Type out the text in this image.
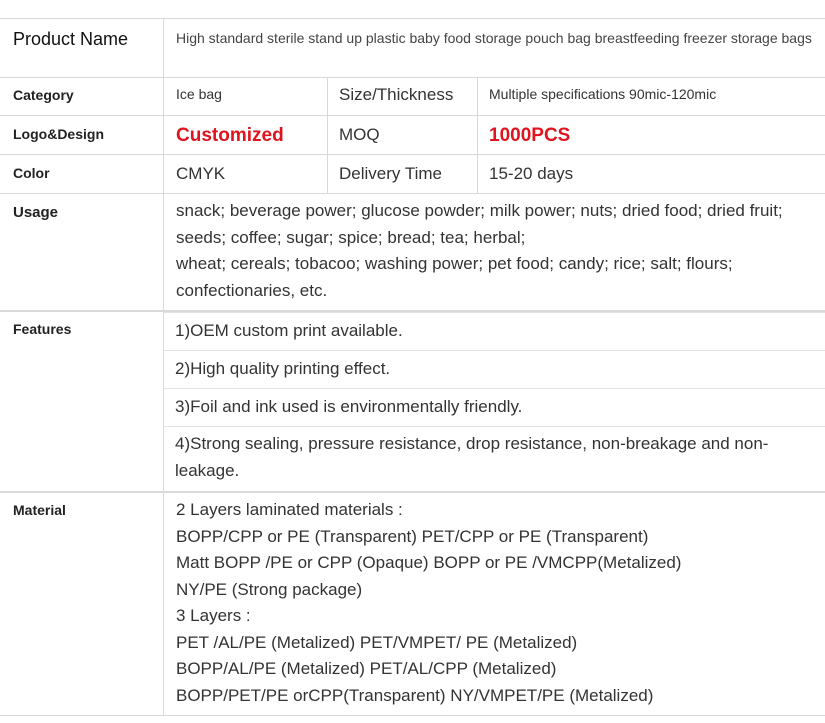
Product Name	High standard sterile stand up plastic baby food storage pouch bag breastfeeding freezer storage bags
Category	Ice bag	Size/Thickness	Multiple specifications 90mic-120mic
Logo&Design	Customized	MOQ	1000PCS
Color	CMYK	Delivery Time	15-20 days
Usage	snack; beverage power; glucose powder; milk power; nuts; dried food; dried fruit;
seeds; coffee; sugar; spice; bread; tea; herbal;
wheat; cereals; tobacoo; washing power; pet food; candy; rice; salt; flours;
confectionaries, etc.
Features	1)OEM custom print available.
2)High quality printing effect.
3)Foil and ink used is environmentally friendly.
4)Strong sealing, pressure resistance, drop resistance, non-breakage and non-leakage.
Material	2 Layers laminated materials :
BOPP/CPP or PE (Transparent) PET/CPP or PE (Transparent)
Matt BOPP /PE or CPP (Opaque) BOPP or PE /VMCPP(Metalized)
NY/PE (Strong package)
3 Layers :
PET /AL/PE (Metalized) PET/VMPET/ PE (Metalized)
BOPP/AL/PE (Metalized) PET/AL/CPP (Metalized)
BOPP/PET/PE orCPP(Transparent) NY/VMPET/PE (Metalized)
